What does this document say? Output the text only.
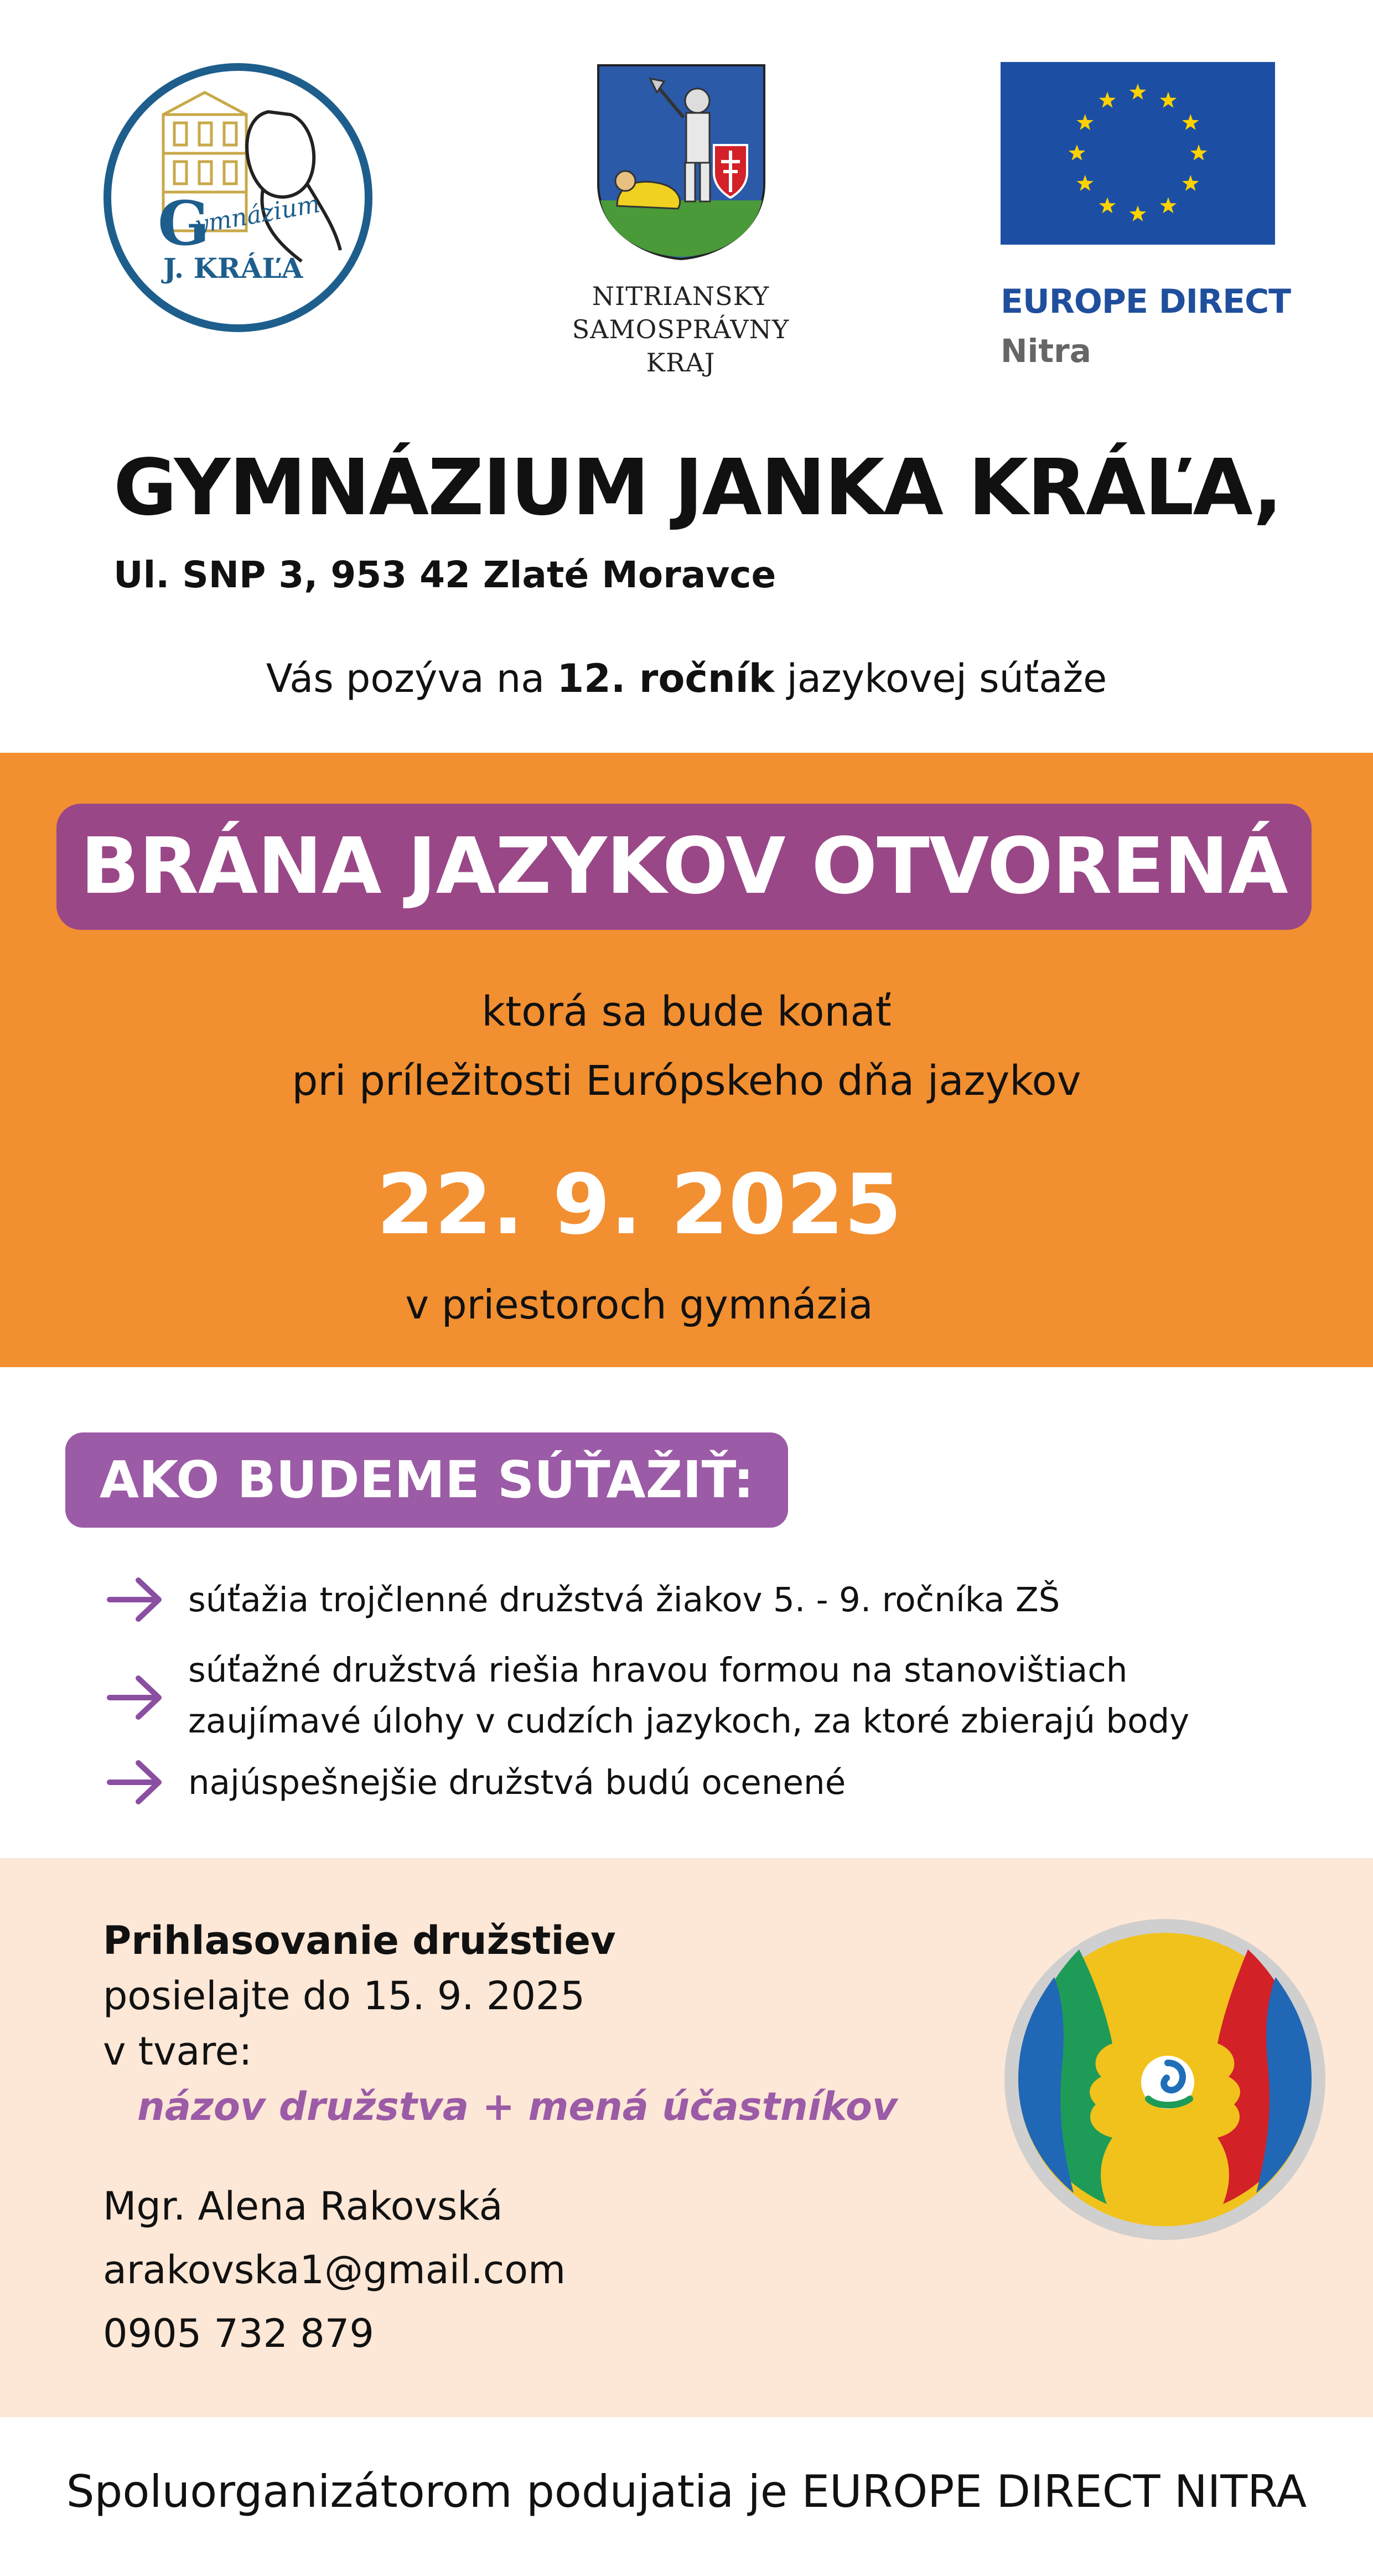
G
ymnázium
J. KRÁĽA
NITRIANSKY
SAMOSPRÁVNY
KRAJ
EUROPE DIRECT
Nitra
GYMNÁZIUM JANKA KRÁĽA,
Ul. SNP 3, 953 42 Zlaté Moravce
Vás pozýva na 12. ročník jazykovej súťaže
BRÁNA JAZYKOV OTVORENÁ
ktorá sa bude konať
pri príležitosti Európskeho dňa jazykov
22. 9. 2025
v priestoroch gymnázia
AKO BUDEME SÚŤAŽIŤ:
súťažia trojčlenné družstvá žiakov 5. - 9. ročníka ZŠ
súťažné družstvá riešia hravou formou na stanovištiach
zaujímavé úlohy v cudzích jazykoch, za ktoré zbierajú body
najúspešnejšie družstvá budú ocenené
Prihlasovanie družstiev
posielajte do 15. 9. 2025
v tvare:
názov družstva + mená účastníkov
Mgr. Alena Rakovská
arakovska1@gmail.com
0905 732 879
Spoluorganizátorom podujatia je EUROPE DIRECT NITRA
